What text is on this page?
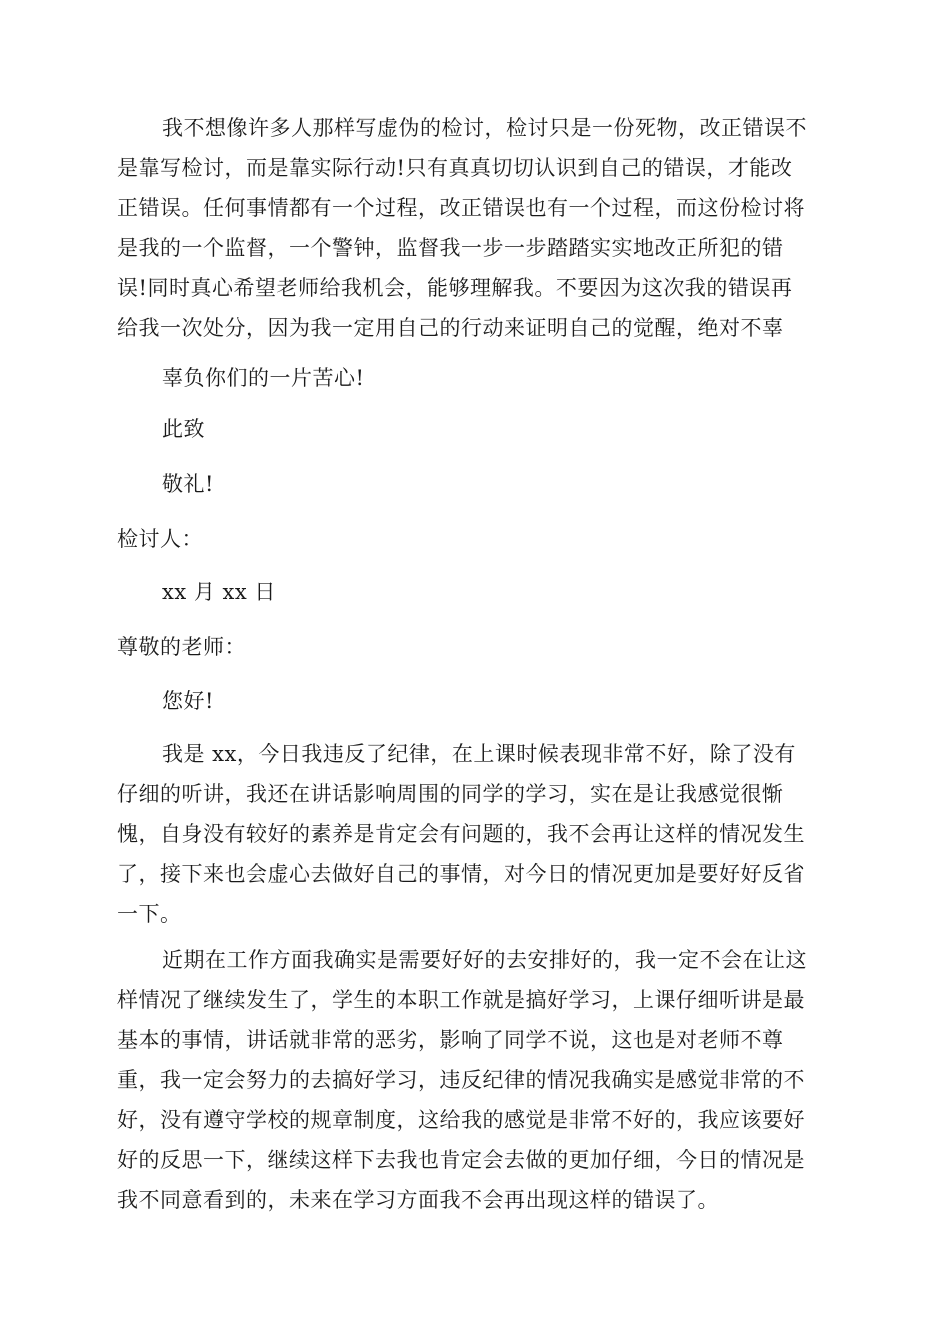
我不想像许多人那样写虚伪的检讨，检讨只是一份死物，改正错误不
是靠写检讨，而是靠实际行动!只有真真切切认识到自己的错误，才能改
正错误。任何事情都有一个过程，改正错误也有一个过程，而这份检讨将
是我的一个监督，一个警钟，监督我一步一步踏踏实实地改正所犯的错
误!同时真心希望老师给我机会，能够理解我。不要因为这次我的错误再
给我一次处分，因为我一定用自己的行动来证明自己的觉醒，绝对不辜
辜负你们的一片苦心!
此致
敬礼!
检讨人：
xx 月 xx 日
尊敬的老师：
您好!
我是 xx，今日我违反了纪律，在上课时候表现非常不好，除了没有
仔细的听讲，我还在讲话影响周围的同学的学习，实在是让我感觉很惭
愧，自身没有较好的素养是肯定会有问题的，我不会再让这样的情况发生
了，接下来也会虚心去做好自己的事情，对今日的情况更加是要好好反省
一下。
近期在工作方面我确实是需要好好的去安排好的，我一定不会在让这
样情况了继续发生了，学生的本职工作就是搞好学习，上课仔细听讲是最
基本的事情，讲话就非常的恶劣，影响了同学不说，这也是对老师不尊
重，我一定会努力的去搞好学习，违反纪律的情况我确实是感觉非常的不
好，没有遵守学校的规章制度，这给我的感觉是非常不好的，我应该要好
好的反思一下，继续这样下去我也肯定会去做的更加仔细，今日的情况是
我不同意看到的，未来在学习方面我不会再出现这样的错误了。
